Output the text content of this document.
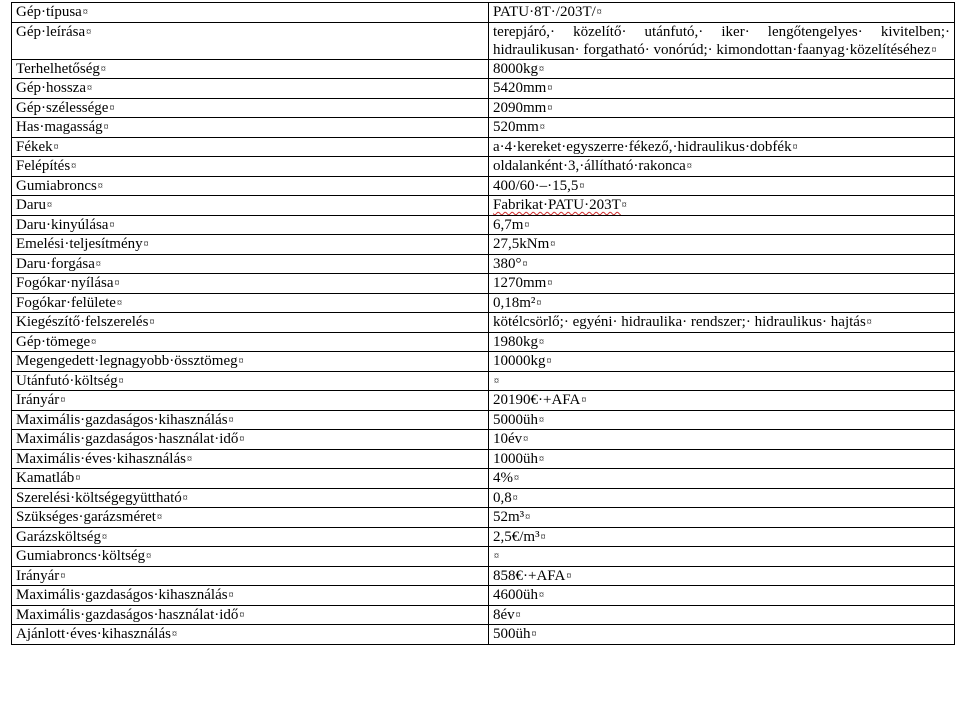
Gép·típusa¤	PATU·8T·/203T/¤
Gép·leírása¤	terepjáró,· közelítő· utánfutó,· iker· lengőtengelyes· kivitelben;· hidraulikusan· forgatható· vonórúd;· kimondottan·faanyag·közelítéséhez¤
Terhelhetőség¤	8000kg¤
Gép·hossza¤	5420mm¤
Gép·szélessége¤	2090mm¤
Has·magasság¤	520mm¤
Fékek¤	a·4·kereket·egyszerre·fékező,·hidraulikus·dobfék¤
Felépítés¤	oldalanként·3,·állítható·rakonca¤
Gumiabroncs¤	400/60·–·15,5¤
Daru¤	Fabrikat·PATU·203T¤
Daru·kinyúlása¤	6,7m¤
Emelési·teljesítmény¤	27,5kNm¤
Daru·forgása¤	380°¤
Fogókar·nyílása¤	1270mm¤
Fogókar·felülete¤	0,18m²¤
Kiegészítő·felszerelés¤	kötélcsörlő;· egyéni· hidraulika· rendszer;· hidraulikus· hajtás¤
Gép·tömege¤	1980kg¤
Megengedett·legnagyobb·össztömeg¤	10000kg¤
Utánfutó·költség¤	¤
Irányár¤	20190€·+AFA¤
Maximális·gazdaságos·kihasználás¤	5000üh¤
Maximális·gazdaságos·használat·idő¤	10év¤
Maximális·éves·kihasználás¤	1000üh¤
Kamatláb¤	4%¤
Szerelési·költségegyüttható¤	0,8¤
Szükséges·garázsméret¤	52m³¤
Garázsköltség¤	2,5€/m³¤
Gumiabroncs·költség¤	¤
Irányár¤	858€·+AFA¤
Maximális·gazdaságos·kihasználás¤	4600üh¤
Maximális·gazdaságos·használat·idő¤	8év¤
Ajánlott·éves·kihasználás¤	500üh¤
